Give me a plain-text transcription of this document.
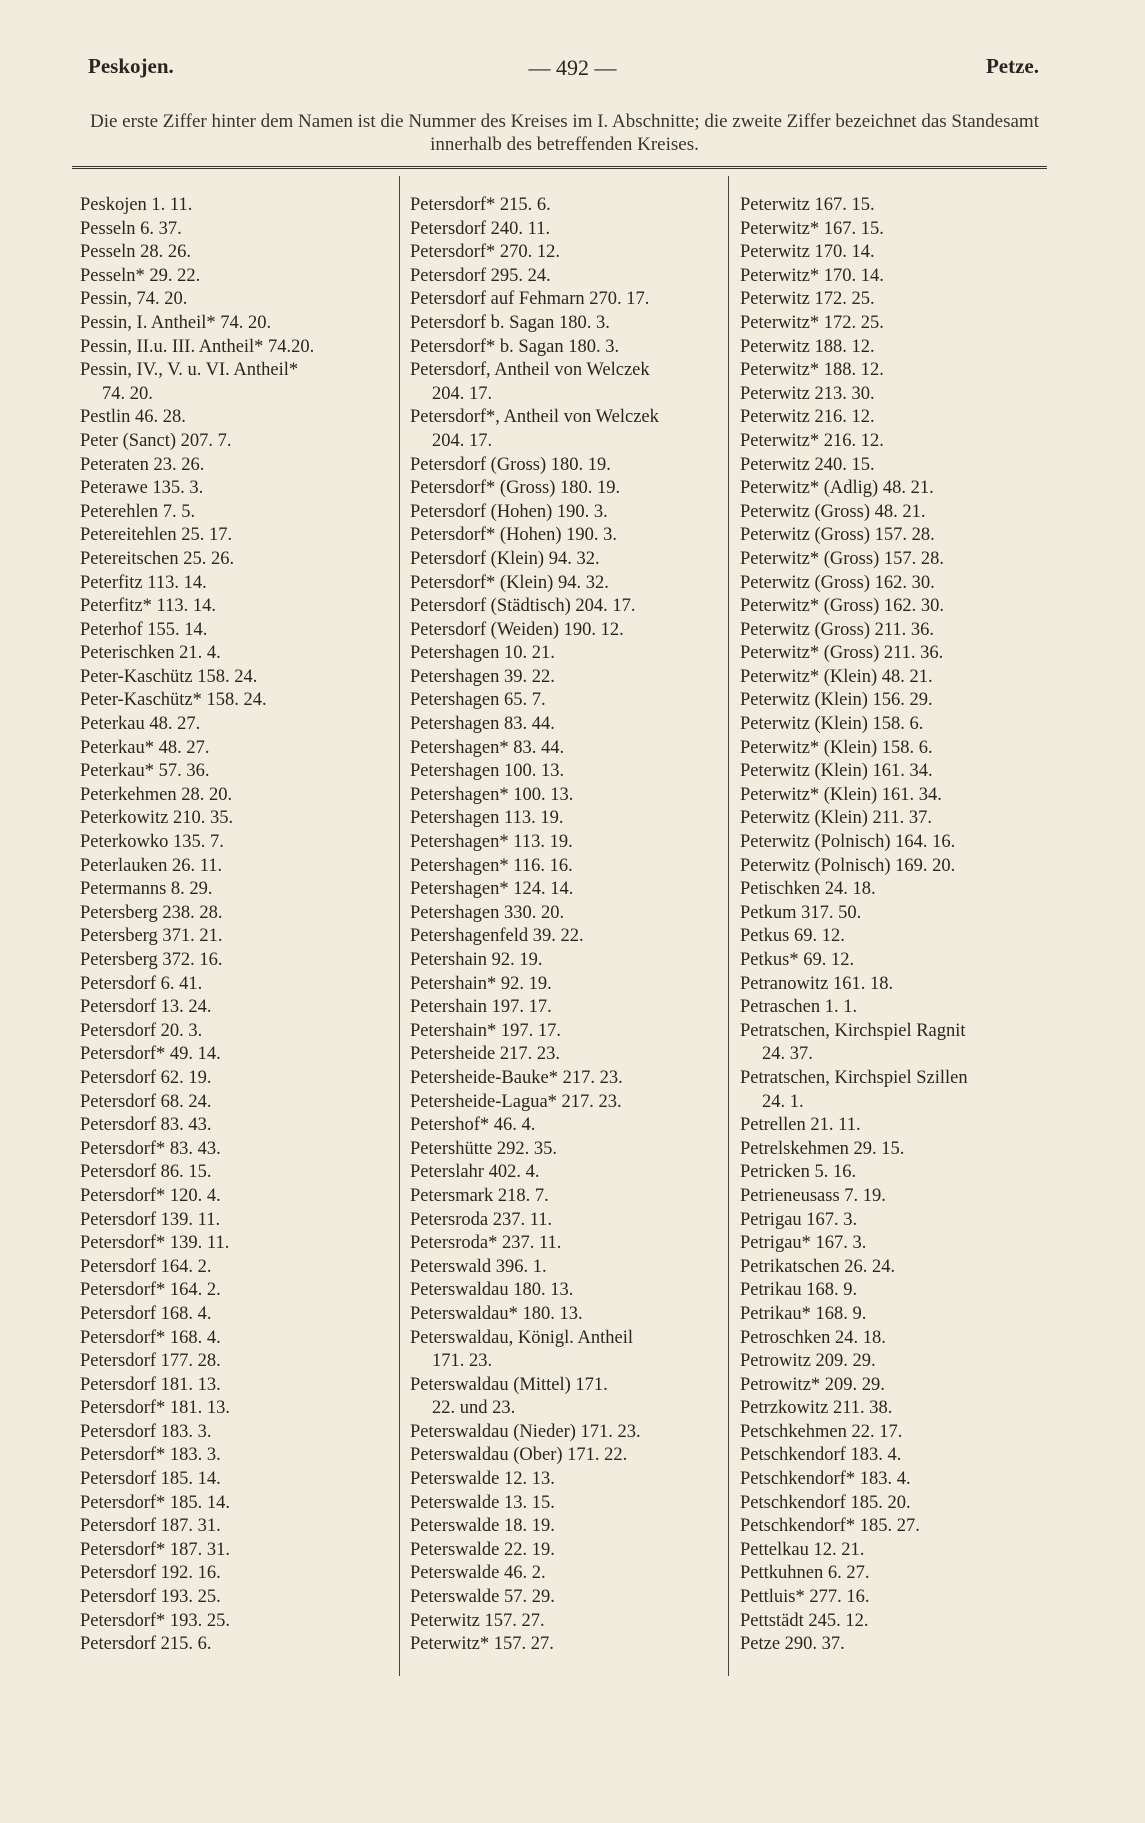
Peskojen.	— 492 —	Petze.
Die erste Ziffer hinter dem Namen ist die Nummer des Kreises im I. Abschnitte; die zweite Ziffer bezeichnet das Standesamt innerhalb des betreffenden Kreises.
Peskojen 1. 11.
Pesseln 6. 37.
Pesseln 28. 26.
Pesseln* 29. 22.
Pessin, 74. 20.
Pessin, I. Antheil* 74. 20.
Pessin, II.u. III. Antheil* 74.20.
Pessin, IV., V. u. VI. Antheil*
74. 20.
Pestlin 46. 28.
Peter (Sanct) 207. 7.
Peteraten 23. 26.
Peterawe 135. 3.
Peterehlen 7. 5.
Petereitehlen 25. 17.
Petereitschen 25. 26.
Peterfitz 113. 14.
Peterfitz* 113. 14.
Peterhof 155. 14.
Peterischken 21. 4.
Peter-Kaschütz 158. 24.
Peter-Kaschütz* 158. 24.
Peterkau 48. 27.
Peterkau* 48. 27.
Peterkau* 57. 36.
Peterkehmen 28. 20.
Peterkowitz 210. 35.
Peterkowko 135. 7.
Peterlauken 26. 11.
Petermanns 8. 29.
Petersberg 238. 28.
Petersberg 371. 21.
Petersberg 372. 16.
Petersdorf 6. 41.
Petersdorf 13. 24.
Petersdorf 20. 3.
Petersdorf* 49. 14.
Petersdorf 62. 19.
Petersdorf 68. 24.
Petersdorf 83. 43.
Petersdorf* 83. 43.
Petersdorf 86. 15.
Petersdorf* 120. 4.
Petersdorf 139. 11.
Petersdorf* 139. 11.
Petersdorf 164. 2.
Petersdorf* 164. 2.
Petersdorf 168. 4.
Petersdorf* 168. 4.
Petersdorf 177. 28.
Petersdorf 181. 13.
Petersdorf* 181. 13.
Petersdorf 183. 3.
Petersdorf* 183. 3.
Petersdorf 185. 14.
Petersdorf* 185. 14.
Petersdorf 187. 31.
Petersdorf* 187. 31.
Petersdorf 192. 16.
Petersdorf 193. 25.
Petersdorf* 193. 25.
Petersdorf 215. 6.
Petersdorf* 215. 6.
Petersdorf 240. 11.
Petersdorf* 270. 12.
Petersdorf 295. 24.
Petersdorf auf Fehmarn 270. 17.
Petersdorf b. Sagan 180. 3.
Petersdorf* b. Sagan 180. 3.
Petersdorf, Antheil von Welczek
204. 17.
Petersdorf*, Antheil von Welczek
204. 17.
Petersdorf (Gross) 180. 19.
Petersdorf* (Gross) 180. 19.
Petersdorf (Hohen) 190. 3.
Petersdorf* (Hohen) 190. 3.
Petersdorf (Klein) 94. 32.
Petersdorf* (Klein) 94. 32.
Petersdorf (Städtisch) 204. 17.
Petersdorf (Weiden) 190. 12.
Petershagen 10. 21.
Petershagen 39. 22.
Petershagen 65. 7.
Petershagen 83. 44.
Petershagen* 83. 44.
Petershagen 100. 13.
Petershagen* 100. 13.
Petershagen 113. 19.
Petershagen* 113. 19.
Petershagen* 116. 16.
Petershagen* 124. 14.
Petershagen 330. 20.
Petershagenfeld 39. 22.
Petershain 92. 19.
Petershain* 92. 19.
Petershain 197. 17.
Petershain* 197. 17.
Petersheide 217. 23.
Petersheide-Bauke* 217. 23.
Petersheide-Lagua* 217. 23.
Petershof* 46. 4.
Petershütte 292. 35.
Peterslahr 402. 4.
Petersmark 218. 7.
Petersroda 237. 11.
Petersroda* 237. 11.
Peterswald 396. 1.
Peterswaldau 180. 13.
Peterswaldau* 180. 13.
Peterswaldau, Königl. Antheil
171. 23.
Peterswaldau (Mittel) 171.
22. und 23.
Peterswaldau (Nieder) 171. 23.
Peterswaldau (Ober) 171. 22.
Peterswalde 12. 13.
Peterswalde 13. 15.
Peterswalde 18. 19.
Peterswalde 22. 19.
Peterswalde 46. 2.
Peterswalde 57. 29.
Peterwitz 157. 27.
Peterwitz* 157. 27.
Peterwitz 167. 15.
Peterwitz* 167. 15.
Peterwitz 170. 14.
Peterwitz* 170. 14.
Peterwitz 172. 25.
Peterwitz* 172. 25.
Peterwitz 188. 12.
Peterwitz* 188. 12.
Peterwitz 213. 30.
Peterwitz 216. 12.
Peterwitz* 216. 12.
Peterwitz 240. 15.
Peterwitz* (Adlig) 48. 21.
Peterwitz (Gross) 48. 21.
Peterwitz (Gross) 157. 28.
Peterwitz* (Gross) 157. 28.
Peterwitz (Gross) 162. 30.
Peterwitz* (Gross) 162. 30.
Peterwitz (Gross) 211. 36.
Peterwitz* (Gross) 211. 36.
Peterwitz* (Klein) 48. 21.
Peterwitz (Klein) 156. 29.
Peterwitz (Klein) 158. 6.
Peterwitz* (Klein) 158. 6.
Peterwitz (Klein) 161. 34.
Peterwitz* (Klein) 161. 34.
Peterwitz (Klein) 211. 37.
Peterwitz (Polnisch) 164. 16.
Peterwitz (Polnisch) 169. 20.
Petischken 24. 18.
Petkum 317. 50.
Petkus 69. 12.
Petkus* 69. 12.
Petranowitz 161. 18.
Petraschen 1. 1.
Petratschen, Kirchspiel Ragnit
24. 37.
Petratschen, Kirchspiel Szillen
24. 1.
Petrellen 21. 11.
Petrelskehmen 29. 15.
Petricken 5. 16.
Petrieneusass 7. 19.
Petrigau 167. 3.
Petrigau* 167. 3.
Petrikatschen 26. 24.
Petrikau 168. 9.
Petrikau* 168. 9.
Petroschken 24. 18.
Petrowitz 209. 29.
Petrowitz* 209. 29.
Petrzkowitz 211. 38.
Petschkehmen 22. 17.
Petschkendorf 183. 4.
Petschkendorf* 183. 4.
Petschkendorf 185. 20.
Petschkendorf* 185. 27.
Pettelkau 12. 21.
Pettkuhnen 6. 27.
Pettluis* 277. 16.
Pettstädt 245. 12.
Petze 290. 37.
